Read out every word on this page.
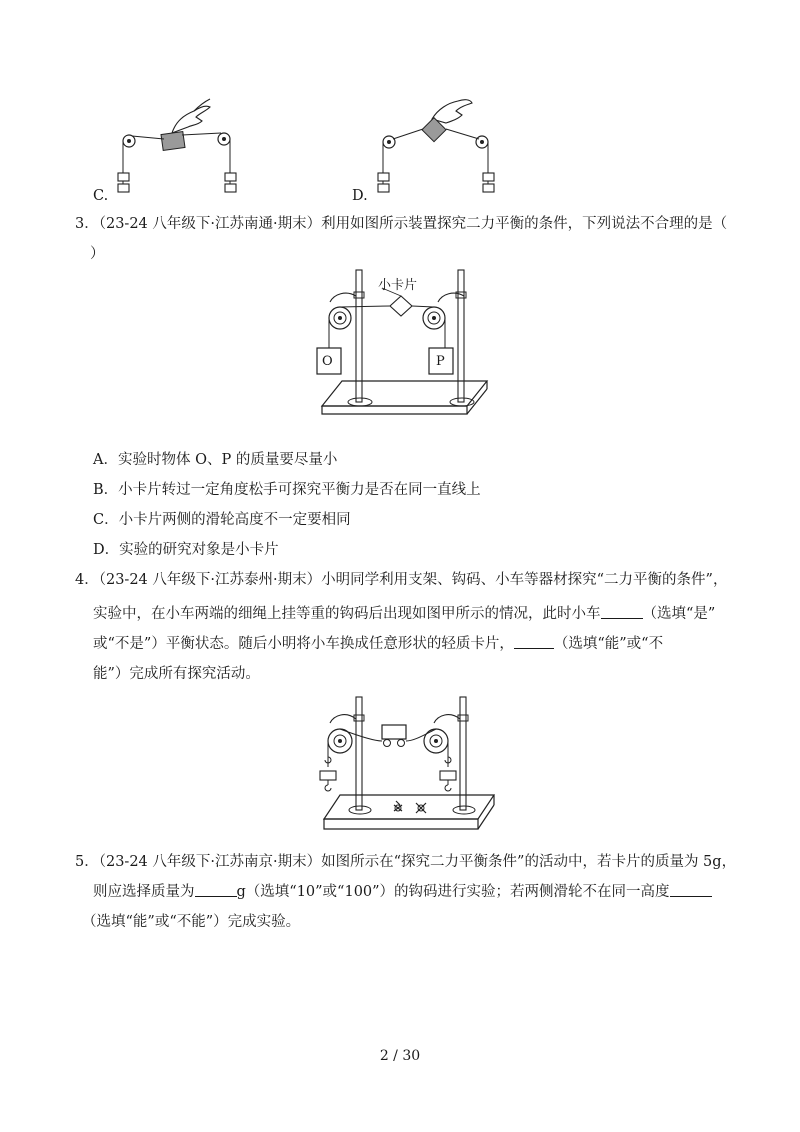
C.	D.
3．（23-24 八年级下·江苏南通·期末）利用如图所示装置探究二力平衡的条件，下列说法不合理的是（
）
小卡片
O	P
A．实验时物体 O、P 的质量要尽量小
B．小卡片转过一定角度松手可探究平衡力是否在同一直线上
C．小卡片两侧的滑轮高度不一定要相同
D．实验的研究对象是小卡片
4．（23-24 八年级下·江苏泰州·期末）小明同学利用支架、钩码、小车等器材探究“二力平衡的条件”，
实验中，在小车两端的细绳上挂等重的钩码后出现如图甲所示的情况，此时小车	（选填“是”
或“不是”）平衡状态。随后小明将小车换成任意形状的轻质卡片，	（选填“能”或“不
能”）完成所有探究活动。
5．（23-24 八年级下·江苏南京·期末）如图所示在“探究二力平衡条件”的活动中，若卡片的质量为 5g，
则应选择质量为	g（选填“10”或“100”）的钩码进行实验；若两侧滑轮不在同一高度
（选填“能”或“不能”）完成实验。
2 / 30
